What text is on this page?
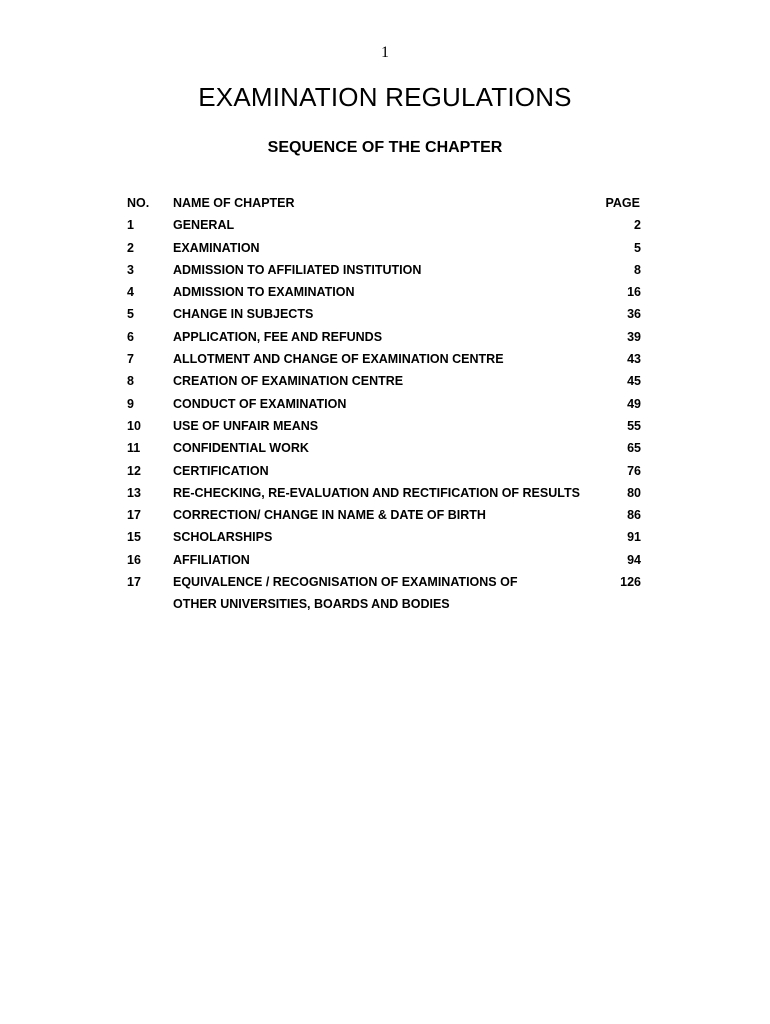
1
EXAMINATION REGULATIONS
SEQUENCE OF THE CHAPTER
NO.	NAME OF CHAPTER	PAGE
1	GENERAL	2
2	EXAMINATION	5
3	ADMISSION TO AFFILIATED INSTITUTION	8
4	ADMISSION TO EXAMINATION	16
5	CHANGE IN SUBJECTS	36
6	APPLICATION, FEE AND REFUNDS	39
7	ALLOTMENT AND CHANGE OF EXAMINATION CENTRE	43
8	CREATION OF EXAMINATION CENTRE	45
9	CONDUCT OF EXAMINATION	49
10	USE OF UNFAIR MEANS	55
11	CONFIDENTIAL WORK	65
12	CERTIFICATION	76
13	RE-CHECKING, RE-EVALUATION AND RECTIFICATION OF RESULTS	80
17	CORRECTION/ CHANGE IN NAME & DATE OF BIRTH	86
15	SCHOLARSHIPS	91
16	AFFILIATION	94
17	EQUIVALENCE / RECOGNISATION OF EXAMINATIONS OF	126
OTHER UNIVERSITIES, BOARDS AND BODIES
